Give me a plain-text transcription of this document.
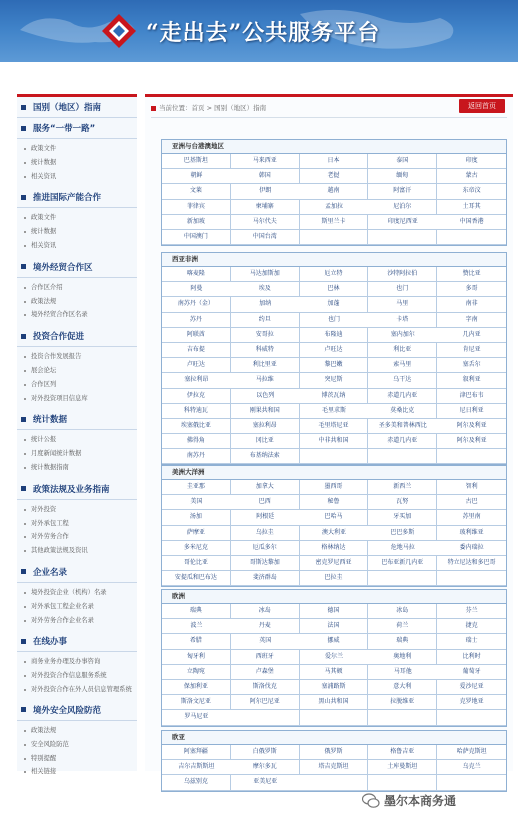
“走出去”公共服务平台
国别（地区）指南
服务“一带一路”
政策文件
统计数据
相关资讯
推进国际产能合作
政策文件
统计数据
相关资讯
境外经贸合作区
合作区介绍
政策法规
境外经贸合作区名录
投资合作促进
投资合作发展报告
展会论坛
合作区列
对外投资项目信息库
统计数据
统计公报
月度新闻统计数据
统计数据指南
政策法规及业务指南
对外投资
对外承包工程
对外劳务合作
其他政策法规及资讯
企业名录
境外投资企业（机构）名录
对外承包工程企业名录
对外劳务合作企业名录
在线办事
商务业务办理及办事咨询
对外投资合作信息服务系统
对外投资合作在外人员信息管理系统
境外安全风险防范
政策法规
安全风险防范
特别提醒
相关链接
当前位置：首页 > 国别（地区）指南	返回首页
亚洲与台港澳地区
巴基斯坦	马来西亚	日本	泰国	印度
朝鲜	韩国	老挝	缅甸	蒙古
文莱	伊朗	越南	阿富汗	东帝汶
菲律宾	柬埔寨	孟加拉	尼泊尔	土耳其
新加坡	马尔代夫	斯里兰卡	印度尼西亚	中国香港
中国澳门	中国台湾
西亚非洲
喀麦隆	马达加斯加	厄立特	沙特阿拉伯	赞比亚
阿曼	埃及	巴林	也门	多哥
南苏丹（金）	加纳	加蓬	马里	南非
苏丹	约旦	也门	卡塔	字南
阿联酋	安哥拉	布隆迪	塞内加尔	几内亚
吉布提	科威特	卢旺达	利比亚	肯尼亚
卢旺达	利比里亚	黎巴嫩	索马里	塞舌尔
塞拉利昂	马拉维	突尼斯	乌干达	叙利亚
伊拉克	以色列	博茨瓦纳	赤道几内亚	津巴布韦
科特迪瓦	刚果共和国	毛里求斯	莫桑比克	尼日利亚
埃塞俄比亚	塞拉利昂	毛里塔尼亚	圣多美和普林西比	阿尔及利亚
佛得角	冈比亚	中非共和国	赤道几内亚	阿尔及利亚
南苏丹	布基纳法索
美洲大洋洲
圭亚那	加拿大	墨西哥	新西兰	智利
美国	巴西	秘鲁	瓦努	古巴
汤加	阿根廷	巴哈马	牙买加	苏里南
萨摩亚	乌拉圭	澳大利亚	巴巴多斯	玻利维亚
多米尼克	厄瓜多尔	格林纳达	危地马拉	委内瑞拉
哥伦比亚	哥斯达黎加	密克罗尼西亚	巴布亚新几内亚	特立尼达和多巴哥
安提瓜和巴布达	斐济群岛	巴拉圭
欧洲
瑞典	冰岛	德国	冰岛	芬兰
波兰	丹麦	法国	荷兰	捷克
希腊	英国	挪威	瑞典	瑞士
匈牙利	西班牙	爱尔兰	奥地利	比利时
立陶宛	卢森堡	马其顿	马耳他	葡萄牙
保加利亚	斯洛伐克	塞浦路斯	意大利	爱沙尼亚
斯洛文尼亚	阿尔巴尼亚	黑山共和国	拉脱维亚	克罗地亚
罗马尼亚
欧亚
阿塞拜疆	白俄罗斯	俄罗斯	格鲁吉亚	哈萨克斯坦
吉尔吉斯斯坦	摩尔多瓦	塔吉克斯坦	土库曼斯坦	乌克兰
乌兹别克	亚美尼亚
墨尔本商务通
